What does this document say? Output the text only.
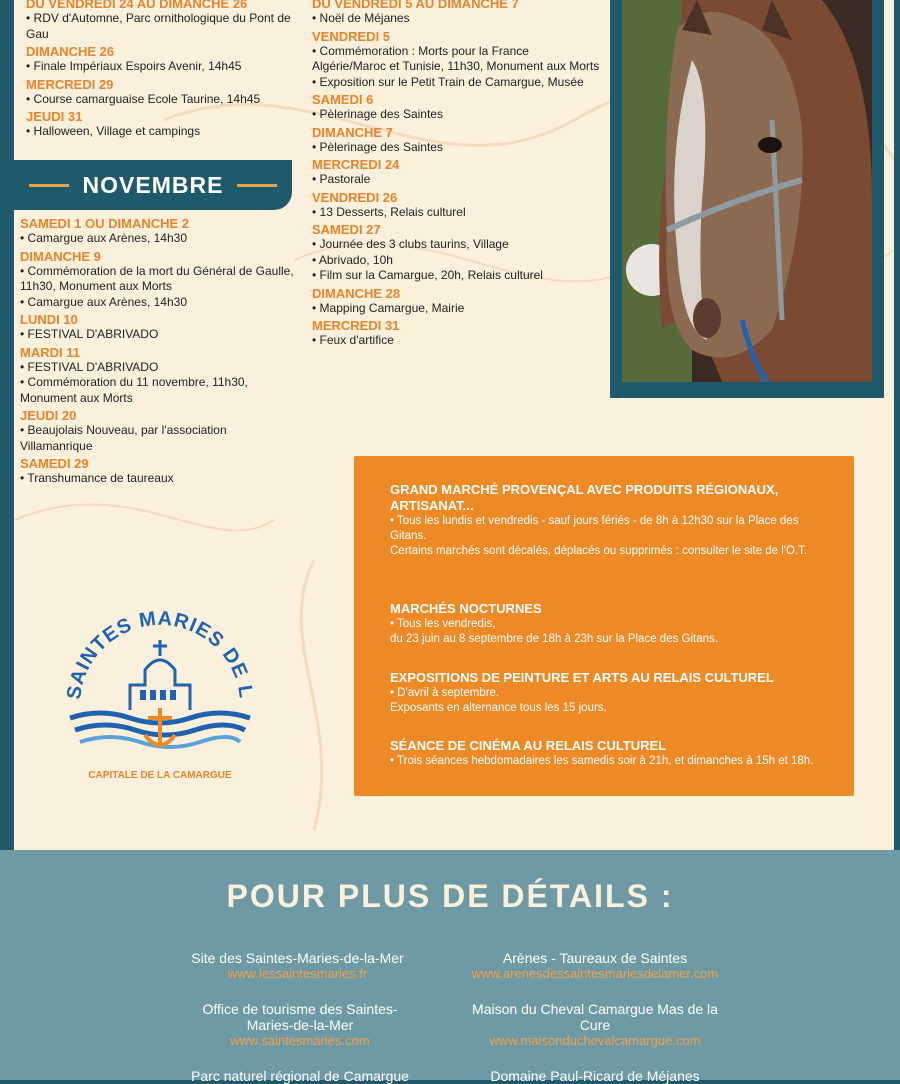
DU VENDREDI 24 AU DIMANCHE 26
• RDV d'Automne, Parc ornithologique du Pont de Gau
DIMANCHE 26
• Finale Impériaux Espoirs Avenir, 14h45
MERCREDI 29
• Course camarguaise Ecole Taurine, 14h45
JEUDI 31
• Halloween, Village et campings
NOVEMBRE
SAMEDI 1 OU DIMANCHE 2
• Camargue aux Arènes, 14h30
DIMANCHE 9
• Commémoration de la mort du Général de Gaulle, 11h30, Monument aux Morts
• Camargue aux Arènes, 14h30
LUNDI 10
• FESTIVAL D'ABRIVADO
MARDI 11
• FESTIVAL D'ABRIVADO
• Commémoration du 11 novembre, 11h30, Monument aux Morts
JEUDI 20
• Beaujolais Nouveau, par l'association Villamanrique
SAMEDI 29
• Transhumance de taureaux
DU VENDREDI 5 AU DIMANCHE 7
• Noël de Méjanes
VENDREDI 5
• Commémoration : Morts pour la France Algérie/Maroc et Tunisie, 11h30, Monument aux Morts
• Exposition sur le Petit Train de Camargue, Musée
SAMEDI 6
• Pèlerinage des Saintes
DIMANCHE 7
• Pèlerinage des Saintes
MERCREDI 24
• Pastorale
VENDREDI 26
• 13 Desserts, Relais culturel
SAMEDI 27
• Journée des 3 clubs taurins, Village
• Abrivado, 10h
• Film sur la Camargue, 20h, Relais culturel
DIMANCHE 28
• Mapping Camargue, Mairie
MERCREDI 31
• Feux d'artifice
GRAND MARCHÉ PROVENÇAL AVEC PRODUITS RÉGIONAUX, ARTISANAT...
• Tous les lundis et vendredis - sauf jours fériés - de 8h à 12h30 sur la Place des Gitans.
Certains marchés sont décalés, déplacés ou supprimés : consulter le site de l'O.T.
MARCHÉS NOCTURNES
• Tous les vendredis,
du 23 juin au 8 septembre de 18h à 23h sur la Place des Gitans.
EXPOSITIONS DE PEINTURE ET ARTS AU RELAIS CULTUREL
• D'avril à septembre.
Exposants en alternance tous les 15 jours.
SÉANCE DE CINÉMA AU RELAIS CULTUREL
• Trois séances hebdomadaires les samedis soir à 21h, et dimanches à 15h et 18h.
SAINTES MARIES DE L
CAPITALE DE LA CAMARGUE
POUR PLUS DE DÉTAILS :
Site des Saintes-Maries-de-la-Mer
www.lessaintesmaries.fr
Arènes - Taureaux de Saintes
www.arenesdessaintesmariesdelamer.com
Office de tourisme des Saintes-Maries-de-la-Mer
www.saintesmaries.com
Maison du Cheval Camargue Mas de la Cure
www.maisonduchevalcamargue.com
Parc naturel régional de Camargue	Domaine Paul-Ricard de Méjanes
